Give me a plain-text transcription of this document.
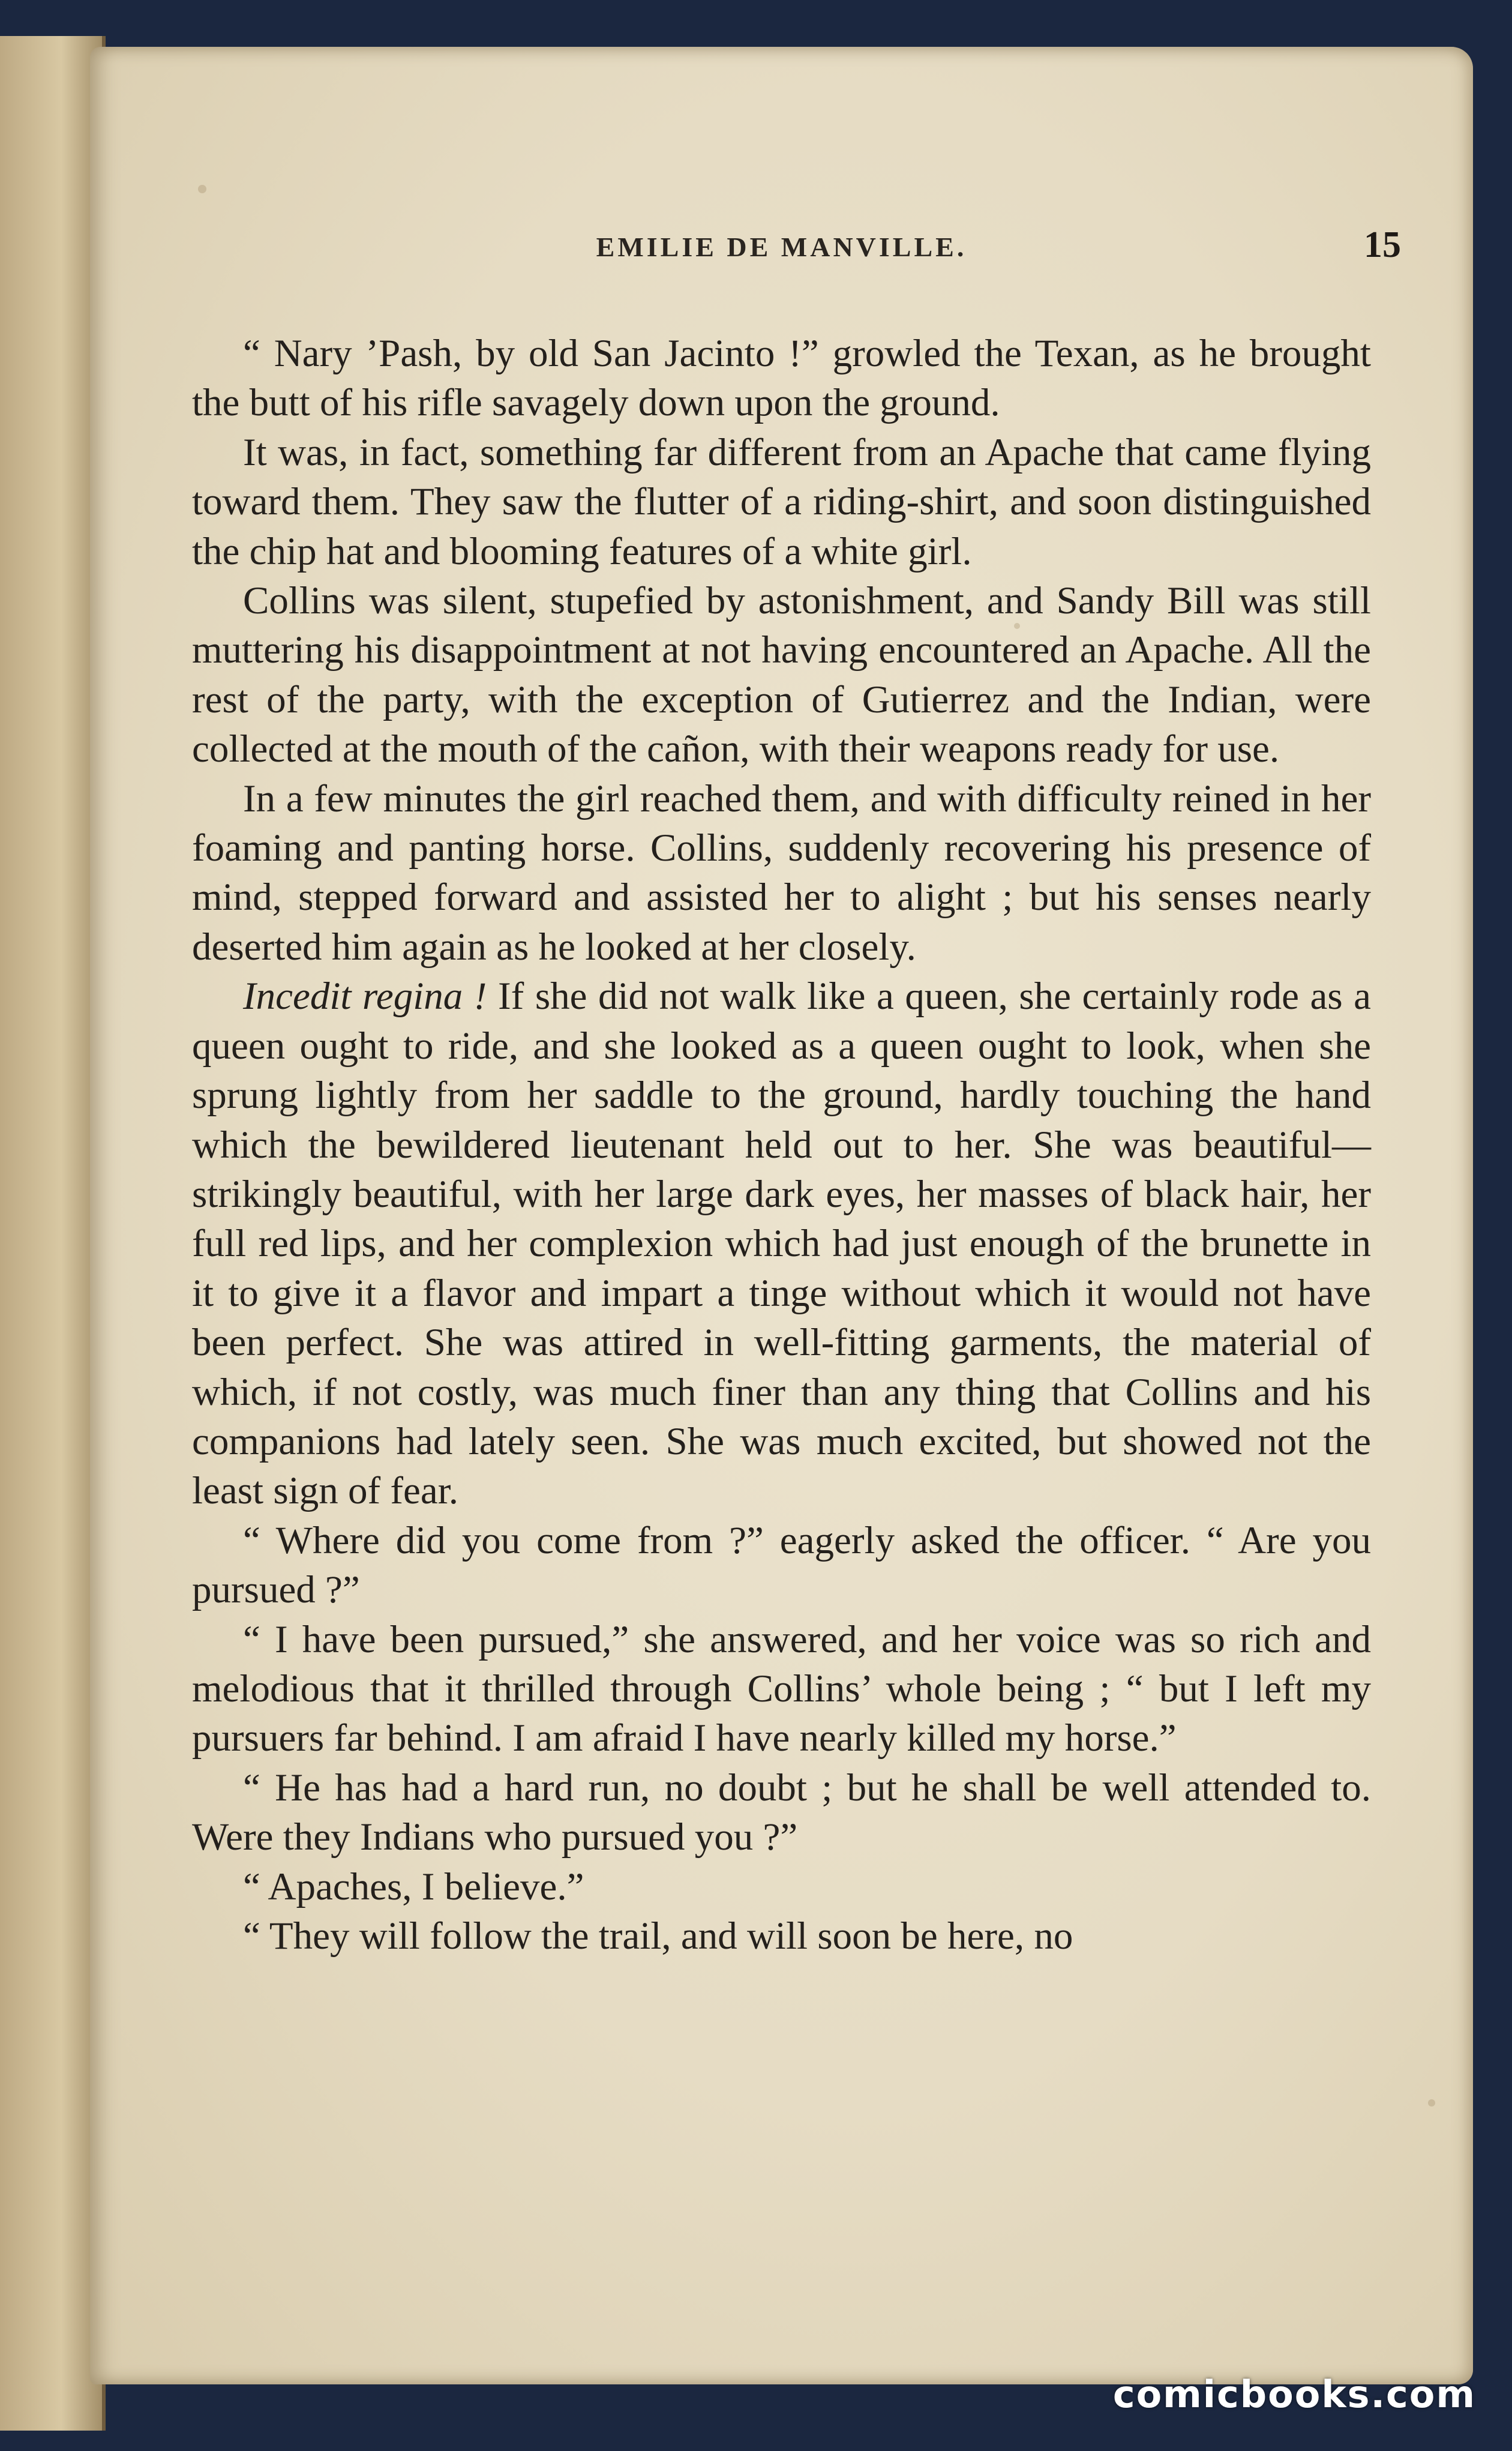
EMILIE DE MANVILLE.	15

“ Nary ’Pash, by old San Jacinto !” growled the Texan, as he brought the butt of his rifle savagely down upon the ground.

It was, in fact, something far different from an Apache that came flying toward them. They saw the flutter of a riding-shirt, and soon distinguished the chip hat and blooming features of a white girl.

Collins was silent, stupefied by astonishment, and Sandy Bill was still muttering his disappointment at not having encountered an Apache. All the rest of the party, with the exception of Gutierrez and the Indian, were collected at the mouth of the cañon, with their weapons ready for use.

In a few minutes the girl reached them, and with difficulty reined in her foaming and panting horse. Collins, suddenly recovering his presence of mind, stepped forward and assisted her to alight ; but his senses nearly deserted him again as he looked at her closely.

Incedit regina ! If she did not walk like a queen, she certainly rode as a queen ought to ride, and she looked as a queen ought to look, when she sprung lightly from her saddle to the ground, hardly touching the hand which the bewildered lieutenant held out to her. She was beautiful—strikingly beautiful, with her large dark eyes, her masses of black hair, her full red lips, and her complexion which had just enough of the brunette in it to give it a flavor and impart a tinge without which it would not have been perfect. She was attired in well-fitting garments, the material of which, if not costly, was much finer than any thing that Collins and his companions had lately seen. She was much excited, but showed not the least sign of fear.

“ Where did you come from ?” eagerly asked the officer. “ Are you pursued ?”

“ I have been pursued,” she answered, and her voice was so rich and melodious that it thrilled through Collins’ whole being ; “ but I left my pursuers far behind. I am afraid I have nearly killed my horse.”

“ He has had a hard run, no doubt ; but he shall be well attended to. Were they Indians who pursued you ?”

“ Apaches, I believe.”

“ They will follow the trail, and will soon be here, no

comicbooks.com
